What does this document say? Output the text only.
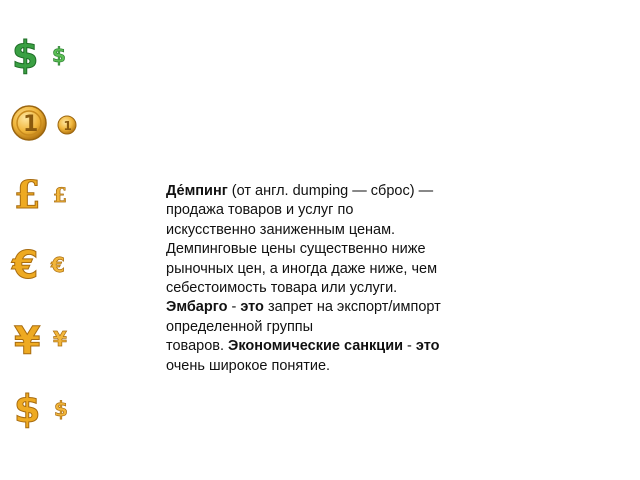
$ $
1 1
£ £
€ €
¥ ¥
$ $

Де́мпинг (от англ. dumping — сброс) —
продажа товаров и услуг по
искусственно заниженным ценам.
Демпинговые цены существенно ниже
рыночных цен, а иногда даже ниже, чем
себестоимость товара или услуги.

Эмбарго - это запрет на экспорт/импорт
определенной группы
товаров. Экономические санкции - это
очень широкое понятие.
